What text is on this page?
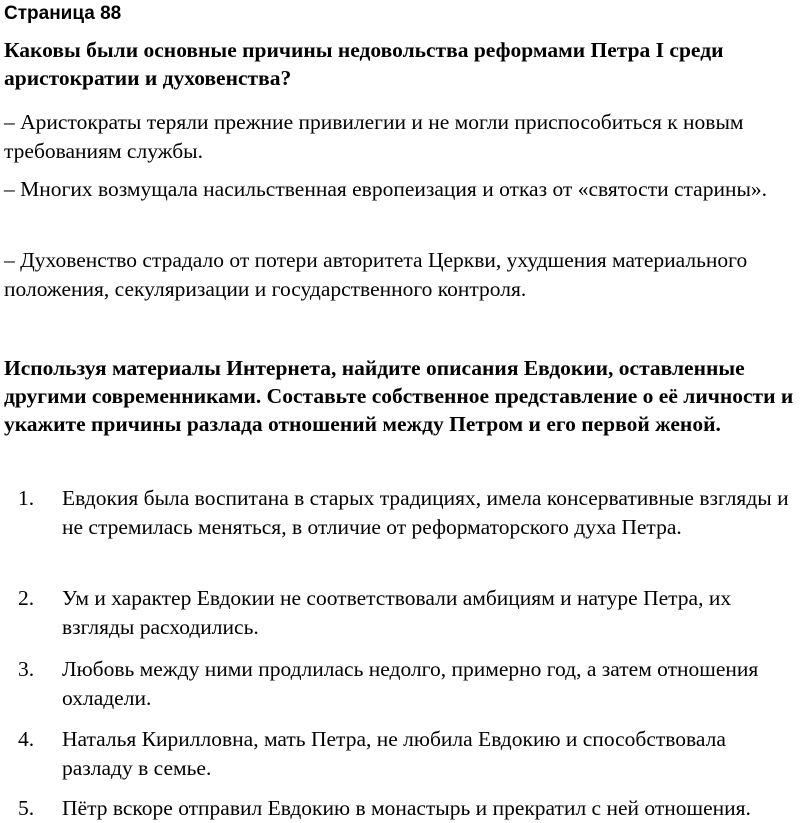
Страница 88
Каковы были основные причины недовольства реформами Петра I среди аристократии и духовенства?

– Аристократы теряли прежние привилегии и не могли приспособиться к новым требованиям службы.

– Многих возмущала насильственная европеизация и отказ от «святости старины».

– Духовенство страдало от потери авторитета Церкви, ухудшения материального положения, секуляризации и государственного контроля.

Используя материалы Интернета, найдите описания Евдокии, оставленные другими современниками. Составьте собственное представление о её личности и укажите причины разлада отношений между Петром и его первой женой.
1.	Евдокия была воспитана в старых традициях, имела консервативные взгляды и не стремилась меняться, в отличие от реформаторского духа Петра.
2.	Ум и характер Евдокии не соответствовали амбициям и натуре Петра, их взгляды расходились.
3.	Любовь между ними продлилась недолго, примерно год, а затем отношения охладели.
4.	Наталья Кирилловна, мать Петра, не любила Евдокию и способствовала разладу в семье.
5.	Пётр вскоре отправил Евдокию в монастырь и прекратил с ней отношения.
